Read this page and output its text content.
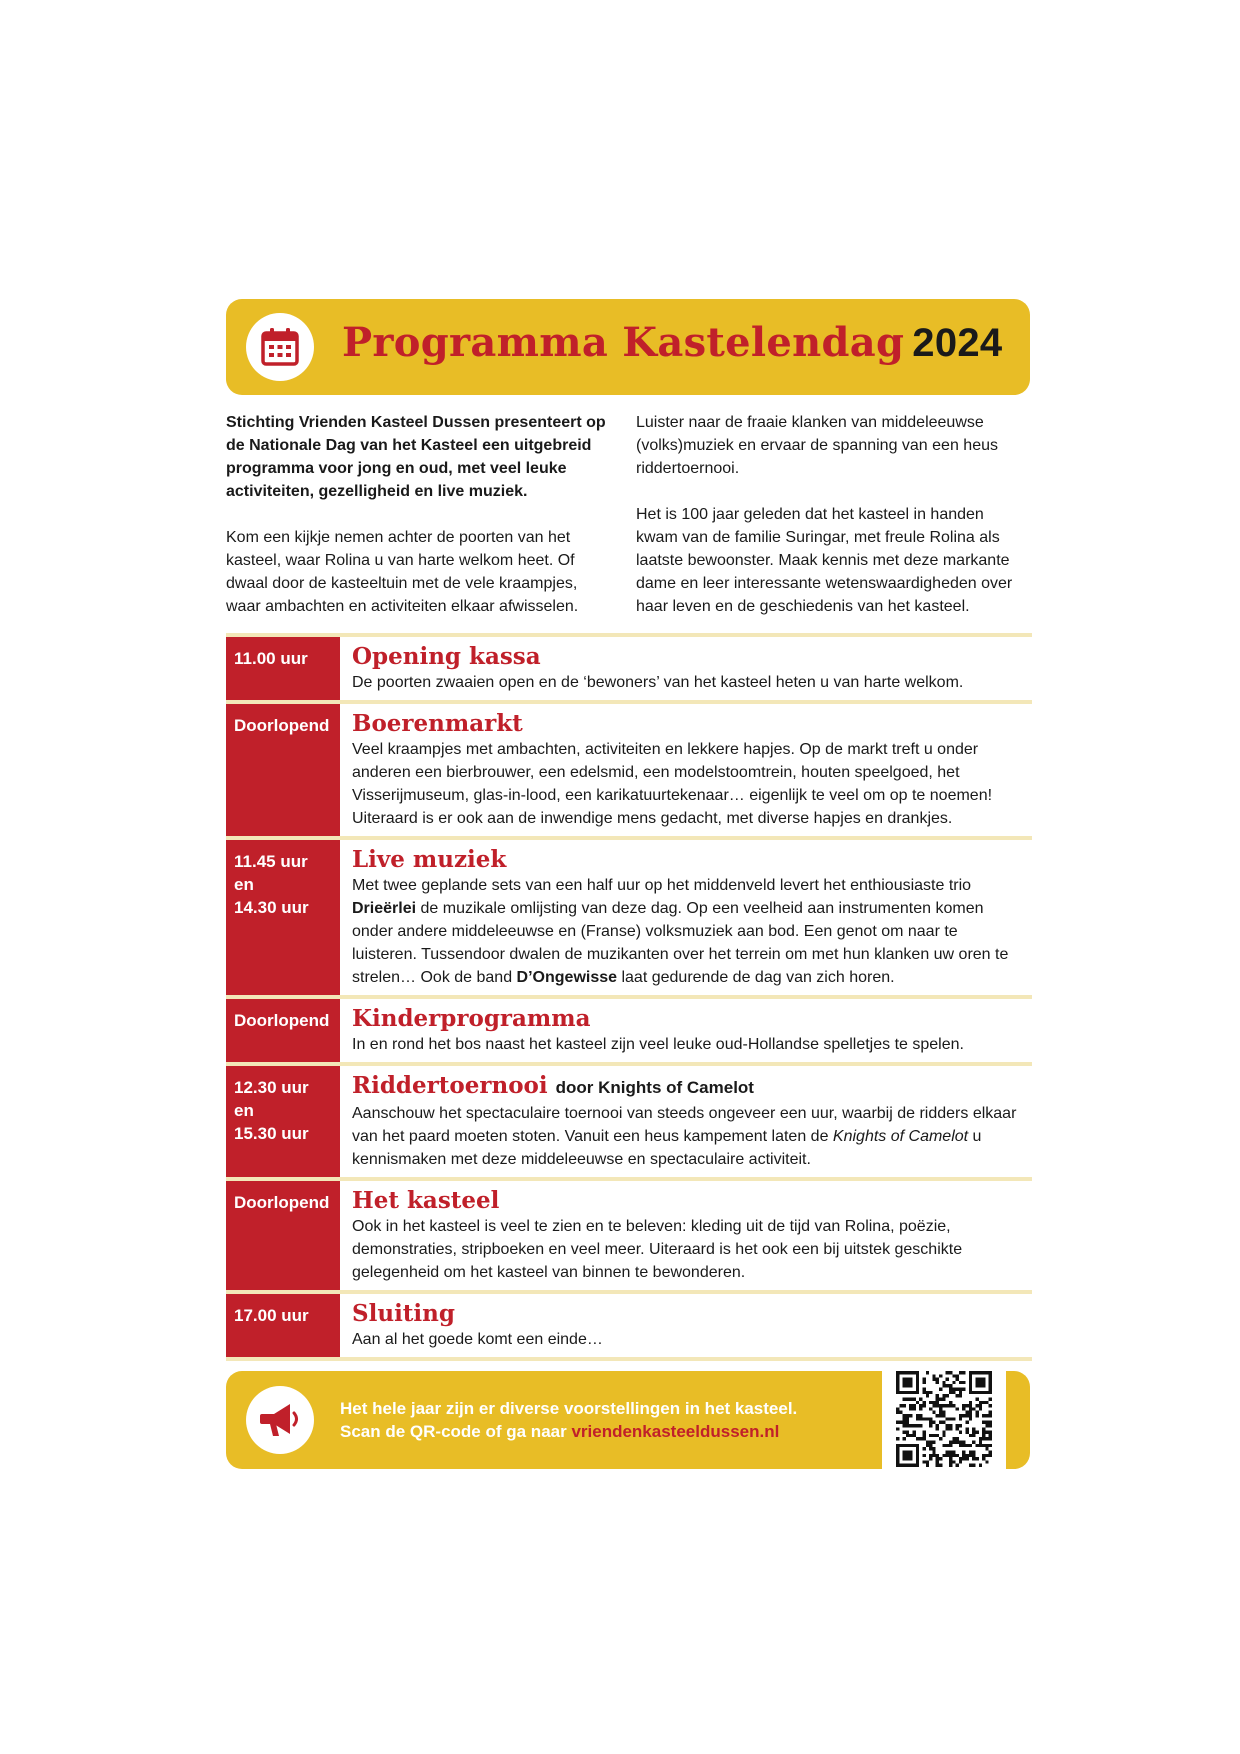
Programma Kastelendag 2024

Stichting Vrienden Kasteel Dussen presenteert op de Nationale Dag van het Kasteel een uitgebreid programma voor jong en oud, met veel leuke activiteiten, gezelligheid en live muziek.

Kom een kijkje nemen achter de poorten van het kasteel, waar Rolina u van harte welkom heet. Of dwaal door de kasteeltuin met de vele kraampjes, waar ambachten en activiteiten elkaar afwisselen.

Luister naar de fraaie klanken van middeleeuwse (volks)muziek en ervaar de spanning van een heus riddertoernooi.

Het is 100 jaar geleden dat het kasteel in handen kwam van de familie Suringar, met freule Rolina als laatste bewoonster. Maak kennis met deze markante dame en leer interessante wetenswaardigheden over haar leven en de geschiedenis van het kasteel.

11.00 uur	Opening kassa

De poorten zwaaien open en de ‘bewoners’ van het kasteel heten u van harte welkom.

Doorlopend Boerenmarkt

Veel kraampjes met ambachten, activiteiten en lekkere hapjes. Op de markt treft u onder anderen een bierbrouwer, een edelsmid, een modelstoomtrein, houten speelgoed, het Visserijmuseum, glas-in-lood, een karikatuurtekenaar… eigenlijk te veel om op te noemen! Uiteraard is er ook aan de inwendige mens gedacht, met diverse hapjes en drankjes.

11.45 uur
en
14.30 uur
Live muziek

Met twee geplande sets van een half uur op het middenveld levert het enthiousiaste trio Drieërlei de muzikale omlijsting van deze dag. Op een veelheid aan instrumenten komen onder andere middeleeuwse en (Franse) volksmuziek aan bod. Een genot om naar te luisteren. Tussendoor dwalen de muzikanten over het terrein om met hun klanken uw oren te strelen… Ook de band D’Ongewisse laat gedurende de dag van zich horen.

Doorlopend Kinderprogramma

In en rond het bos naast het kasteel zijn veel leuke oud-Hollandse spelletjes te spelen.

12.30 uur
en
15.30 uur
Riddertoernooi door Knights of Camelot

Aanschouw het spectaculaire toernooi van steeds ongeveer een uur, waarbij de ridders elkaar van het paard moeten stoten. Vanuit een heus kampement laten de Knights of Camelot u kennismaken met deze middeleeuwse en spectaculaire activiteit.

Doorlopend Het kasteel

Ook in het kasteel is veel te zien en te beleven: kleding uit de tijd van Rolina, poëzie, demonstraties, stripboeken en veel meer. Uiteraard is het ook een bij uitstek geschikte gelegenheid om het kasteel van binnen te bewonderen.

17.00 uur	Sluiting

Aan al het goede komt een einde…

Het hele jaar zijn er diverse voorstellingen in het kasteel.
Scan de QR-code of ga naar vriendenkasteeldussen.nl
